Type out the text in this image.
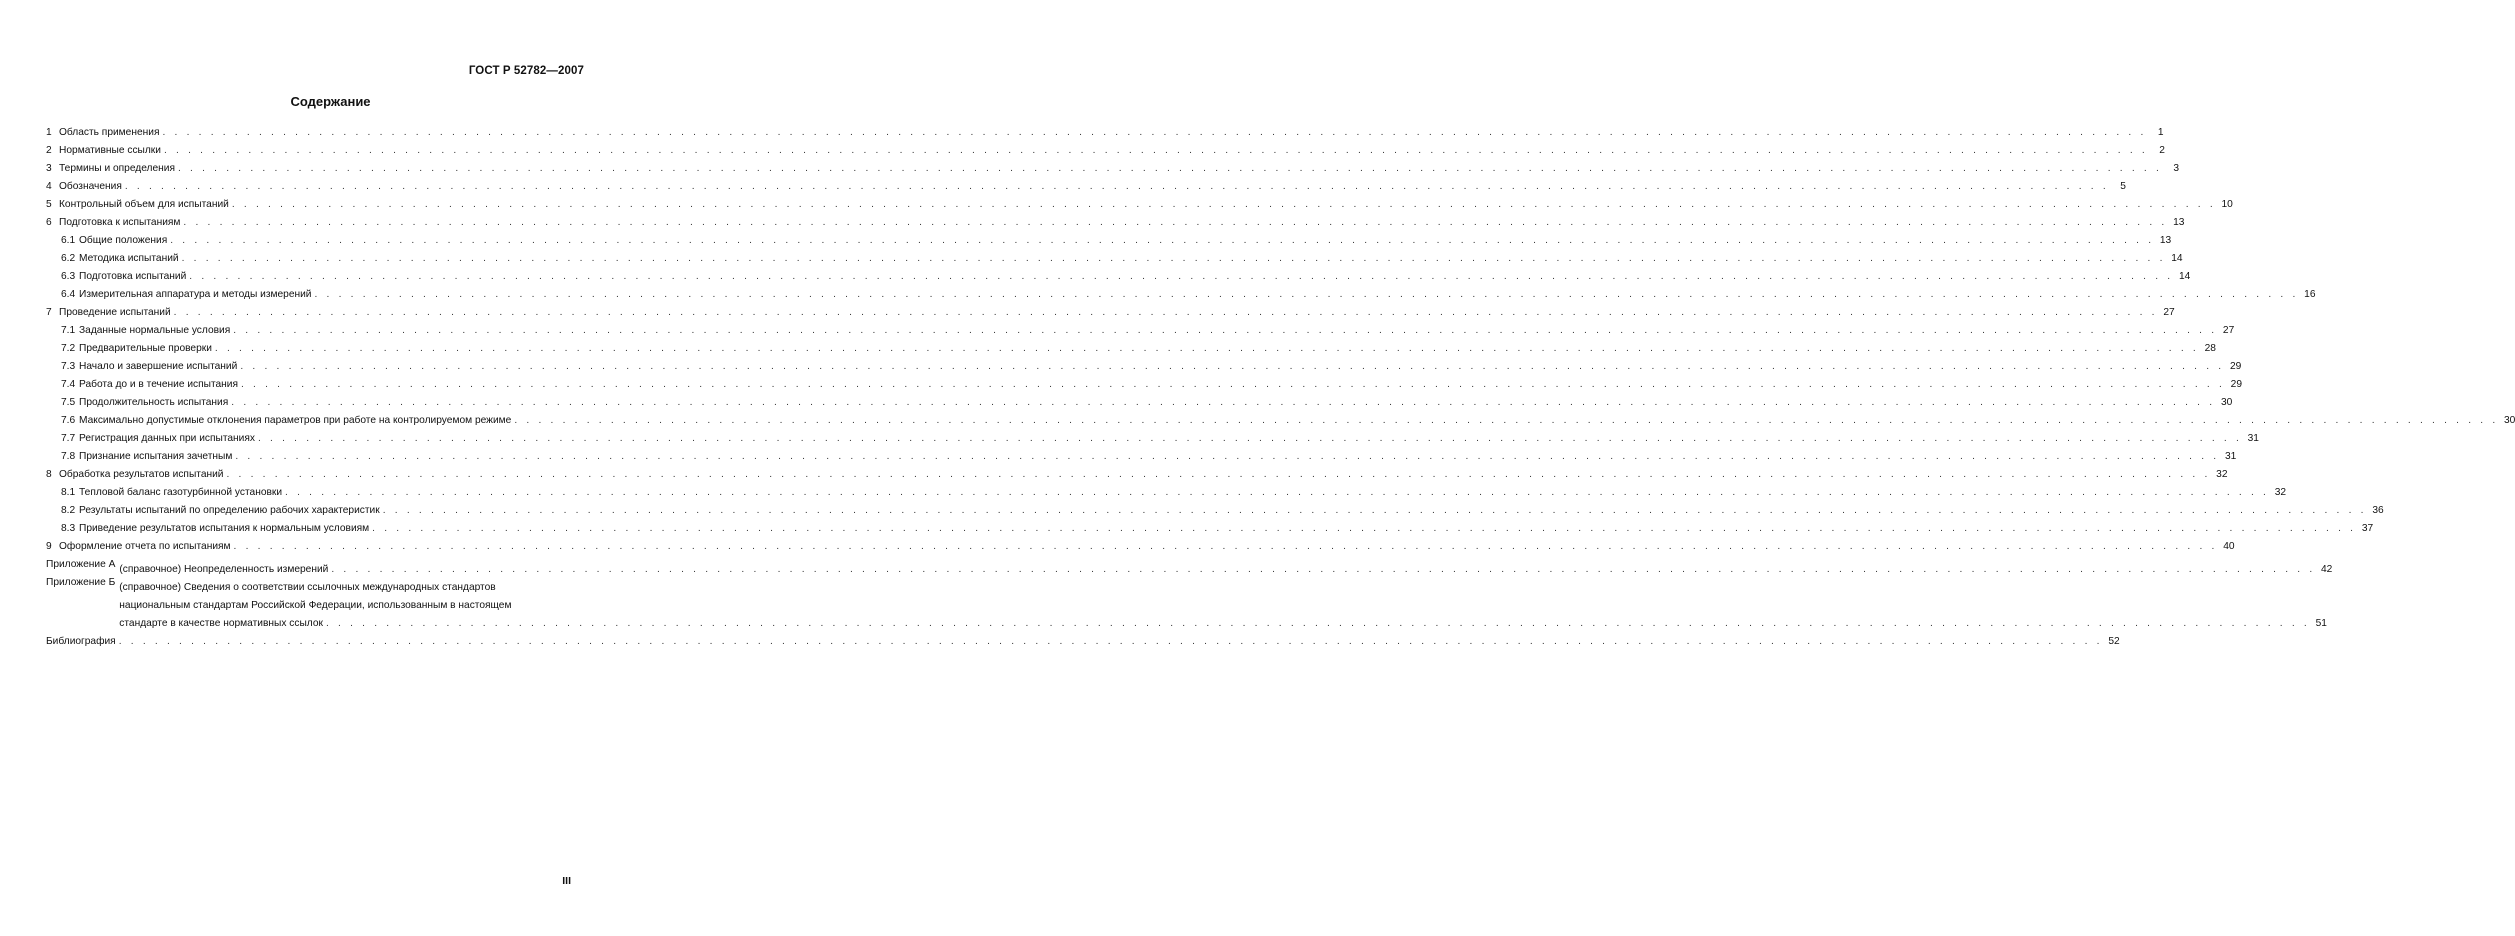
ГОСТ Р 52782—2007
Содержание
1 Область применения . . .	1
2 Нормативные ссылки . . .	2
3 Термины и определения . . .	3
4 Обозначения . . .	5
5 Контрольный объем для испытаний . . .	10
6 Подготовка к испытаниям . . .	13
6.1 Общие положения . . .	13
6.2 Методика испытаний . . .	14
6.3 Подготовка испытаний . . .	14
6.4 Измерительная аппаратура и методы измерений . . .	16
7 Проведение испытаний . . .	27
7.1 Заданные нормальные условия . . .	27
7.2 Предварительные проверки . . .	28
7.3 Начало и завершение испытаний . . .	29
7.4 Работа до и в течение испытания . . .	29
7.5 Продолжительность испытания . . .	30
7.6 Максимально допустимые отклонения параметров при работе на контролируемом режиме . . .	30
7.7 Регистрация данных при испытаниях . . .	31
7.8 Признание испытания зачетным . . .	31
8 Обработка результатов испытаний . . .	32
8.1 Тепловой баланс газотурбинной установки . . .	32
8.2 Результаты испытаний по определению рабочих характеристик . . .	36
8.3 Приведение результатов испытания к нормальным условиям . . .	37
9 Оформление отчета по испытаниям . . .	40
Приложение А (справочное) Неопределенность измерений . . .	42
Приложение Б (справочное) Сведения о соответствии ссылочных международных стандартов
национальным стандартам Российской Федерации, использованным в настоящем
стандарте в качестве нормативных ссылок . . .	51
Библиография . . .	52
III
